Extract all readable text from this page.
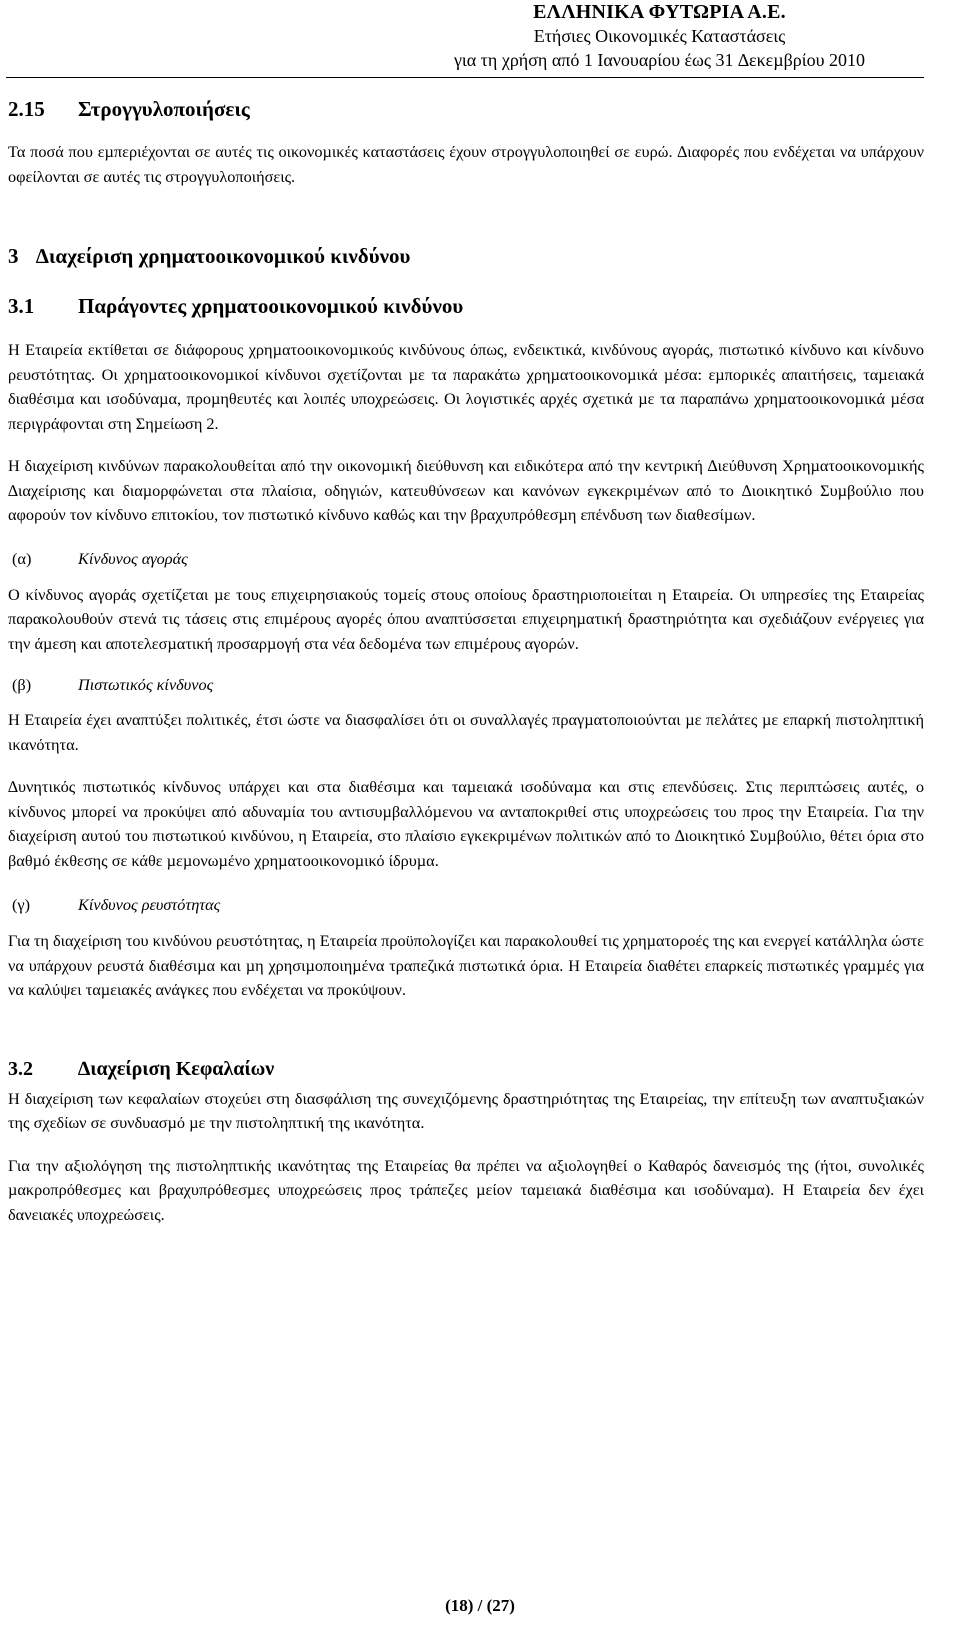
ΕΛΛΗΝΙΚΑ ΦΥΤΩΡΙΑ Α.Ε.
Ετήσιες Οικονοµικές Καταστάσεις
για τη χρήση από 1 Ιανουαρίου έως 31 ∆εκεµβρίου 2010
2.15	Στρογγυλοποιήσεις

Τα ποσά που εµπεριέχονται σε αυτές τις οικονοµικές καταστάσεις έχουν στρογγυλοποιηθεί σε ευρώ. ∆ιαφορές που ενδέχεται να υπάρχουν οφείλονται σε αυτές τις στρογγυλοποιήσεις.

3 ∆ιαχείριση χρηµατοοικονοµικού κινδύνου
3.1	Παράγοντες χρηµατοοικονοµικού κινδύνου

Η Εταιρεία εκτίθεται σε διάφορους χρηµατοοικονοµικούς κινδύνους όπως, ενδεικτικά, κινδύνους αγοράς, πιστωτικό κίνδυνο και κίνδυνο ρευστότητας. Οι χρηµατοοικονοµικοί κίνδυνοι σχετίζονται µε τα παρακάτω χρηµατοοικονοµικά µέσα: εµπορικές απαιτήσεις, ταµειακά διαθέσιµα και ισοδύναµα, προµηθευτές και λοιπές υποχρεώσεις. Οι λογιστικές αρχές σχετικά µε τα παραπάνω χρηµατοοικονοµικά µέσα περιγράφονται στη Σηµείωση 2.

Η διαχείριση κινδύνων παρακολουθείται από την οικονοµική διεύθυνση και ειδικότερα από την κεντρική ∆ιεύθυνση Χρηµατοοικονοµικής ∆ιαχείρισης και διαµορφώνεται στα πλαίσια, οδηγιών, κατευθύνσεων και κανόνων εγκεκριµένων από το ∆ιοικητικό Συµβούλιο που αφορούν τον κίνδυνο επιτοκίου, τον πιστωτικό κίνδυνο καθώς και την βραχυπρόθεσµη επένδυση των διαθεσίµων.

(α)	Κίνδυνος αγοράς

Ο κίνδυνος αγοράς σχετίζεται µε τους επιχειρησιακούς τοµείς στους οποίους δραστηριοποιείται η Εταιρεία. Οι υπηρεσίες της Εταιρείας παρακολουθούν στενά τις τάσεις στις επιµέρους αγορές όπου αναπτύσσεται επιχειρηµατική δραστηριότητα και σχεδιάζουν ενέργειες για την άµεση και αποτελεσµατική προσαρµογή στα νέα δεδοµένα των επιµέρους αγορών.

(β)	Πιστωτικός κίνδυνος

Η Εταιρεία έχει αναπτύξει πολιτικές, έτσι ώστε να διασφαλίσει ότι οι συναλλαγές πραγµατοποιούνται µε πελάτες µε επαρκή πιστοληπτική ικανότητα.

∆υνητικός πιστωτικός κίνδυνος υπάρχει και στα διαθέσιµα και ταµειακά ισοδύναµα και στις επενδύσεις. Στις περιπτώσεις αυτές, ο κίνδυνος µπορεί να προκύψει από αδυναµία του αντισυµβαλλόµενου να ανταποκριθεί στις υποχρεώσεις του προς την Εταιρεία. Για την διαχείριση αυτού του πιστωτικού κινδύνου, η Εταιρεία, στο πλαίσιο εγκεκριµένων πολιτικών από το ∆ιοικητικό Συµβούλιο, θέτει όρια στο βαθµό έκθεσης σε κάθε µεµονωµένο χρηµατοοικονοµικό ίδρυµα.

(γ)	Κίνδυνος ρευστότητας

Για τη διαχείριση του κινδύνου ρευστότητας, η Εταιρεία προϋπολογίζει και παρακολουθεί τις χρηµατοροές της και ενεργεί κατάλληλα ώστε να υπάρχουν ρευστά διαθέσιµα και µη χρησιµοποιηµένα τραπεζικά πιστωτικά όρια. Η Εταιρεία διαθέτει επαρκείς πιστωτικές γραµµές για να καλύψει ταµειακές ανάγκες που ενδέχεται να προκύψουν.

3.2	∆ιαχείριση Κεφαλαίων

Η διαχείριση των κεφαλαίων στοχεύει στη διασφάλιση της συνεχιζόµενης δραστηριότητας της Εταιρείας, την επίτευξη των αναπτυξιακών της σχεδίων σε συνδυασµό µε την πιστοληπτική της ικανότητα.

Για την αξιολόγηση της πιστοληπτικής ικανότητας της Εταιρείας θα πρέπει να αξιολογηθεί ο Καθαρός δανεισµός της (ήτοι, συνολικές µακροπρόθεσµες και βραχυπρόθεσµες υποχρεώσεις προς τράπεζες µείον ταµειακά διαθέσιµα και ισοδύναµα). Η Εταιρεία δεν έχει δανειακές υποχρεώσεις.

(18) / (27)
